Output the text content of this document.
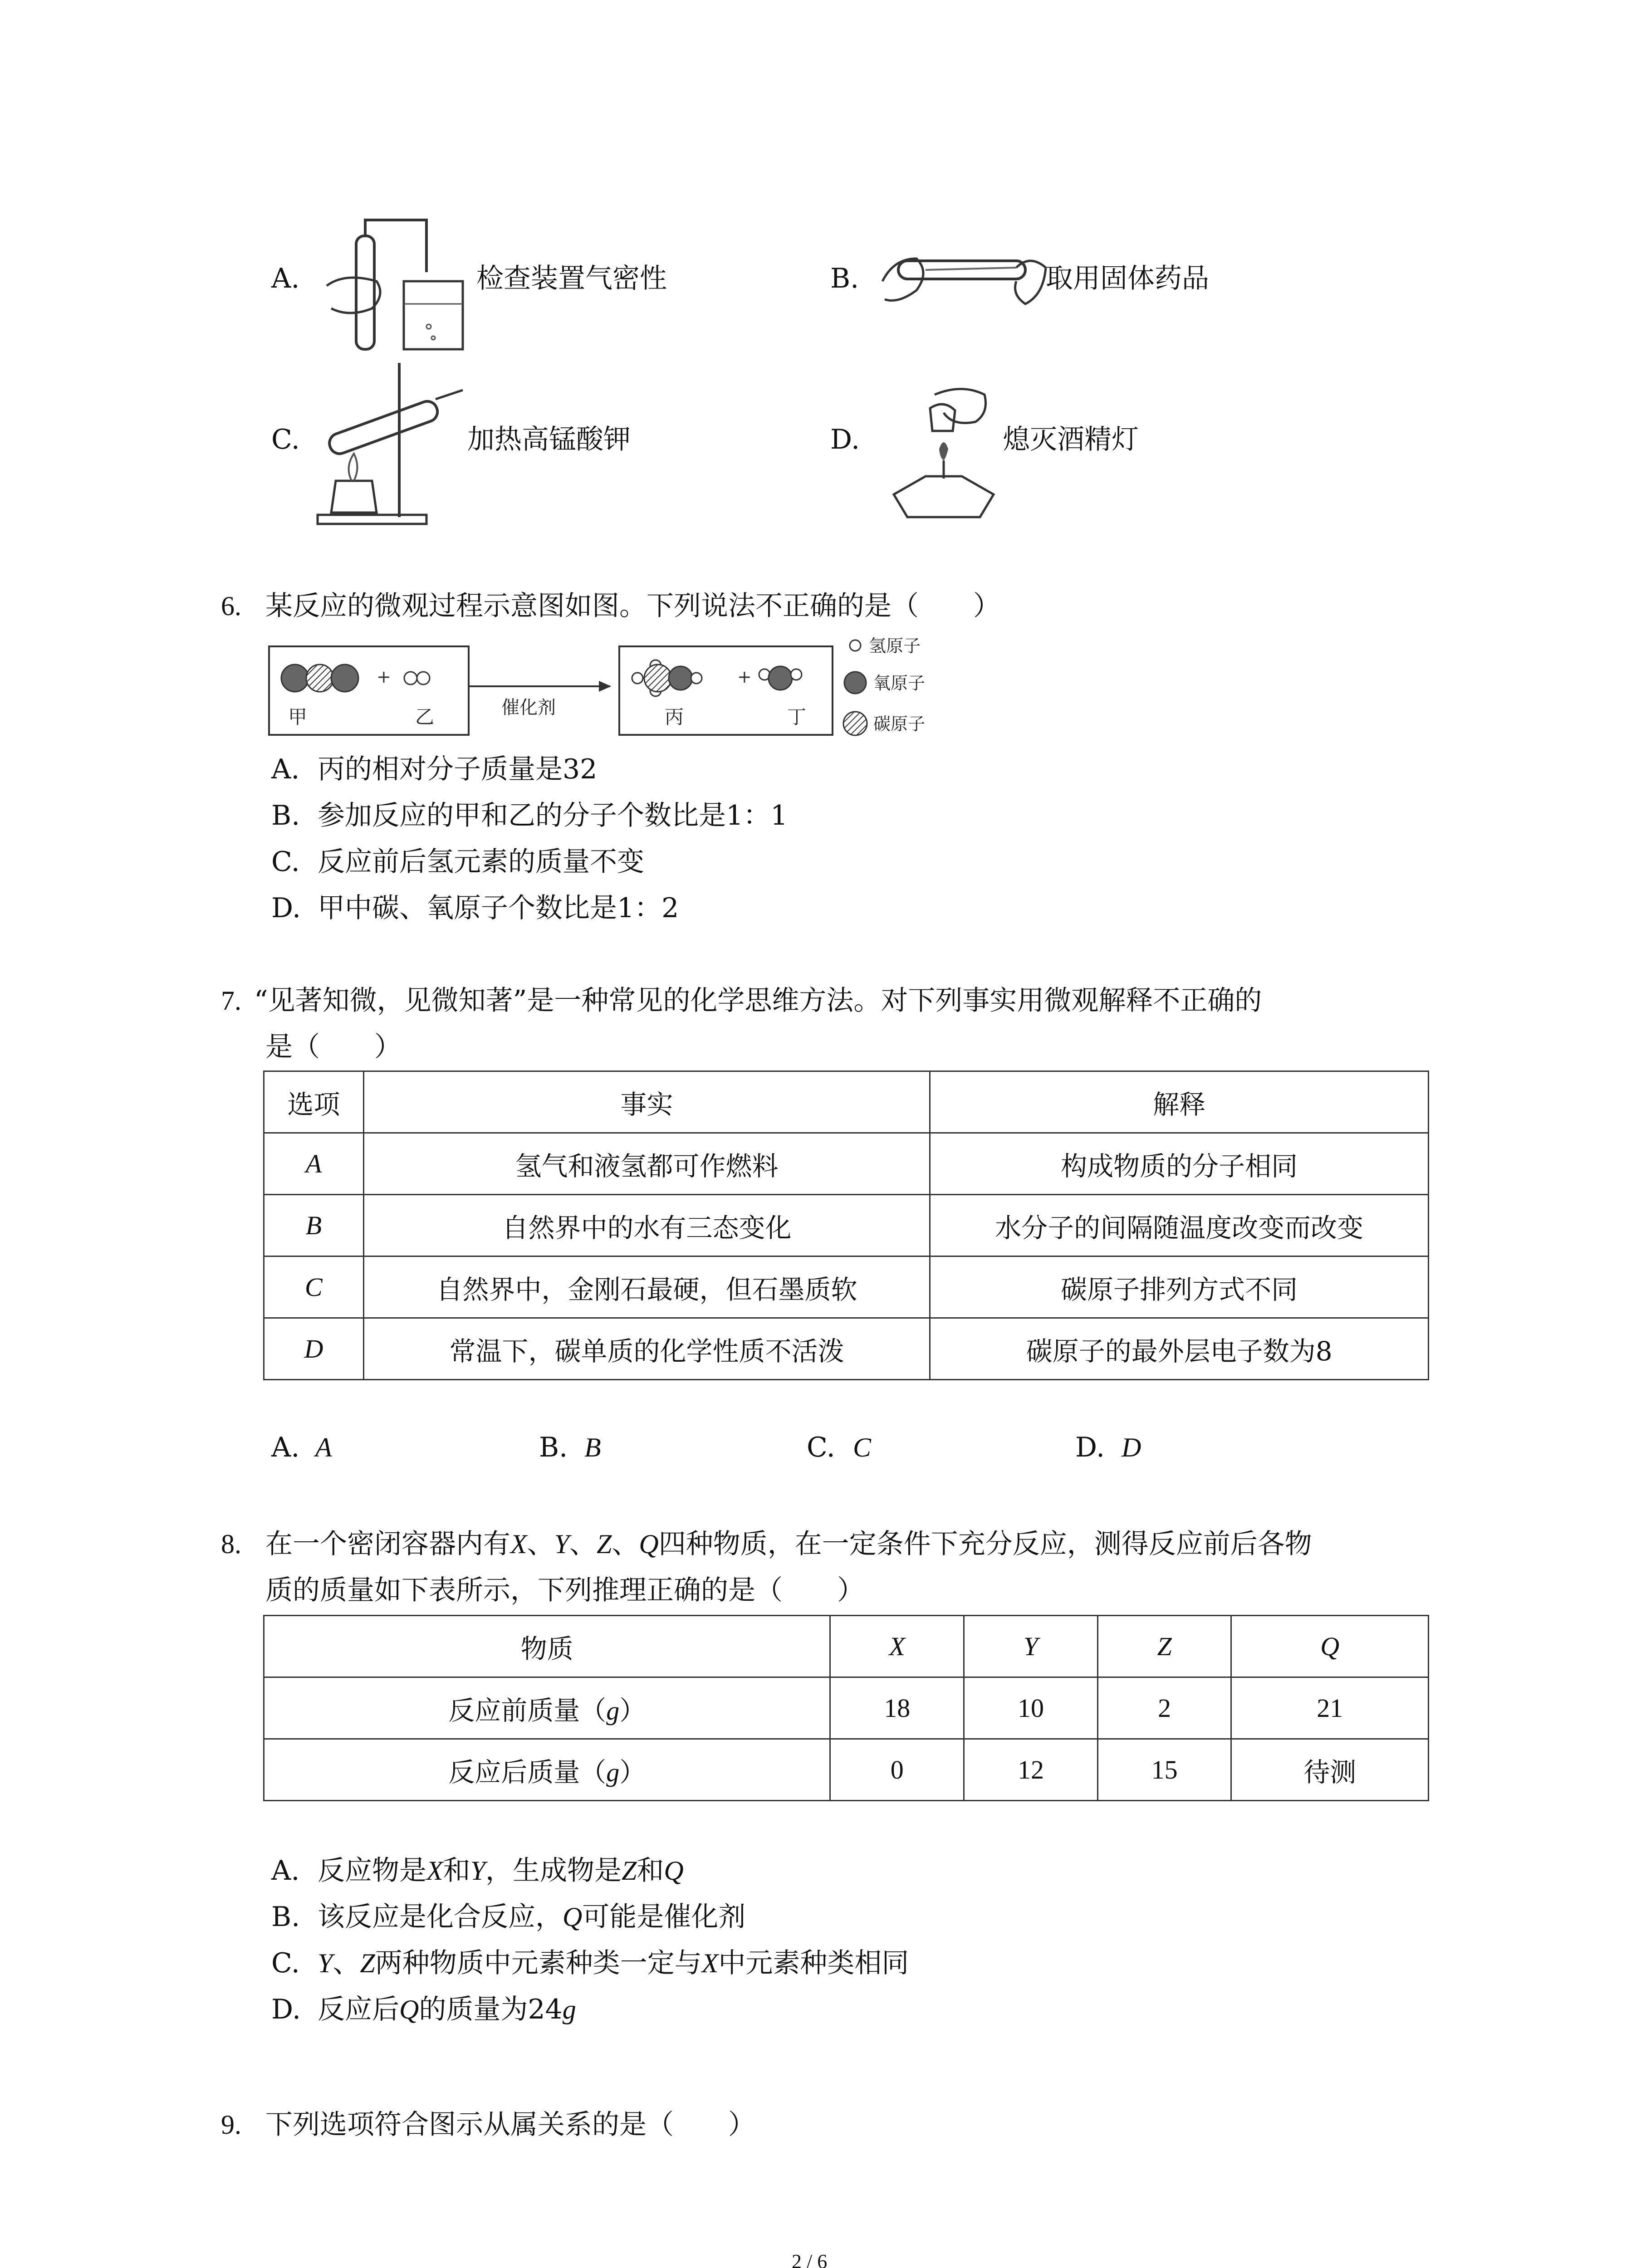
A.	检查装置气密性	B.	取用固体药品
C.	加热高锰酸钾	D.	熄灭酒精灯
6. 某反应的微观过程示意图如图。下列说法不正确的是（　　）
+
甲	乙	催化剂
+
丙	丁
氢原子
氧原子
碳原子
A. 丙的相对分子质量是32
B. 参加反应的甲和乙的分子个数比是1：1
C. 反应前后氢元素的质量不变
D. 甲中碳、氧原子个数比是1：2
7. “见著知微，见微知著”是一种常见的化学思维方法。对下列事实用微观解释不正确的
是（　　）
选项	事实	解释
A	氢气和液氢都可作燃料	构成物质的分子相同
B	自然界中的水有三态变化	水分子的间隔随温度改变而改变
C	自然界中，金刚石最硬，但石墨质软	碳原子排列方式不同
D	常温下，碳单质的化学性质不活泼	碳原子的最外层电子数为8
A. A	B. B	C. C	D. D
8. 在一个密闭容器内有X、Y、Z、Q四种物质，在一定条件下充分反应，测得反应前后各物
质的质量如下表所示，下列推理正确的是（　　）
物质	X	Y	Z	Q
反应前质量（g）	18	10	2	21
反应后质量（g）	0	12	15	待测
A. 反应物是X和Y，生成物是Z和Q
B. 该反应是化合反应，Q可能是催化剂
C. Y、Z两种物质中元素种类一定与X中元素种类相同
D. 反应后Q的质量为24g
9. 下列选项符合图示从属关系的是（　　）
2 / 6
